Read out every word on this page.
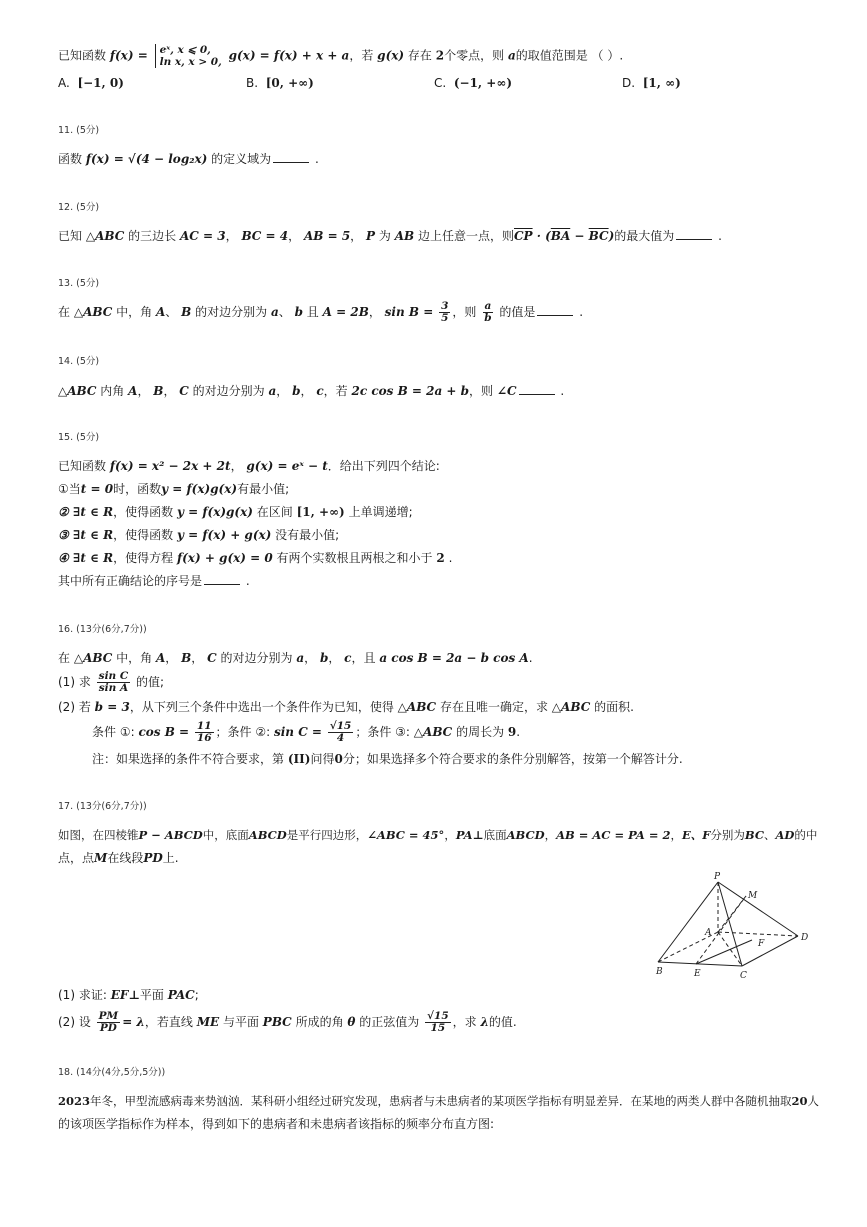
已知函数 f(x) = eˣ, x ⩽ 0,
ln x, x > 0, g(x) = f(x) + x + a，若 g(x) 存在 2个零点，则 a的取值范围是 （ ）.
A. [−1, 0)	B. [0, +∞)	C. (−1, +∞)	D. [1, ∞)
11. (5分)
函数 f(x) = √(4 − log₂x) 的定义域为	.
12. (5分)
已知 △ABC 的三边长 AC = 3， BC = 4， AB = 5， P 为 AB 边上任意一点，则$\overline{CP} \cdot (\overline{BA} - \overline{BC})$的最大值为	.
13. (5分)
在 △ABC 中，角 A、 B 的对边分别为 a、 b 且 A = 2B， $\sin B = \frac{3}{5}$ ，则 $\frac{a}{b}$ 的值是	.
14. (5分)
△ABC 内角 A， B， C 的对边分别为 a， b， c，若 2c cos B = 2a + b，则 ∠C	.
15. (5分)
已知函数 f(x) = x² − 2x + 2t， g(x) = eˣ − t．给出下列四个结论:
①当t = 0时，函数y = f(x)g(x)有最小值;
② ∃t ∈ R，使得函数 y = f(x)g(x) 在区间 [1, +∞) 上单调递增;
③ ∃t ∈ R，使得函数 y = f(x) + g(x) 没有最小值;
④ ∃t ∈ R，使得方程 f(x) + g(x) = 0 有两个实数根且两根之和小于 2 .
其中所有正确结论的序号是	.
16. (13分(6分,7分))
在 △ABC 中，角 A， B， C 的对边分别为 a， b， c，且 a cos B = 2a − b cos A.
(1) 求 $\frac{\text{sin C}}{\text{sin A}}$ 的值;
(2) 若 b = 3，从下列三个条件中选出一个条件作为已知，使得 △ABC 存在且唯一确定，求 △ABC 的面积.
条件 ①: $\cos B = \frac{11}{16}$ ；条件 ②: $\sin C = \frac{√15}{4}$ ；条件 ③: △ABC 的周长为 9.
注：如果选择的条件不符合要求，第 (II)问得0分；如果选择多个符合要求的条件分别解答，按第一个解答计分.
17. (13分(6分,7分))
如图，在四棱锥P − ABCD中，底面ABCD是平行四边形，∠ABC = 45°，PA⊥底面ABCD，AB = AC = PA = 2，E、F分别为BC、AD的中
点，点M在线段PD上.
P
M
A	D
F
B	E	C
(1) 求证: EF⊥平面 PAC;
(2) 设 $\frac{PM}{PD} = \lambda$，若直线 ME 与平面 PBC 所成的角 θ 的正弦值为 $\frac{√15}{15}$ ，求 λ的值.
18. (14分(4分,5分,5分))
2023年冬，甲型流感病毒来势汹汹．某科研小组经过研究发现，患病者与未患病者的某项医学指标有明显差异．在某地的两类人群中各随机抽取20人
的该项医学指标作为样本，得到如下的患病者和未患病者该指标的频率分布直方图:
